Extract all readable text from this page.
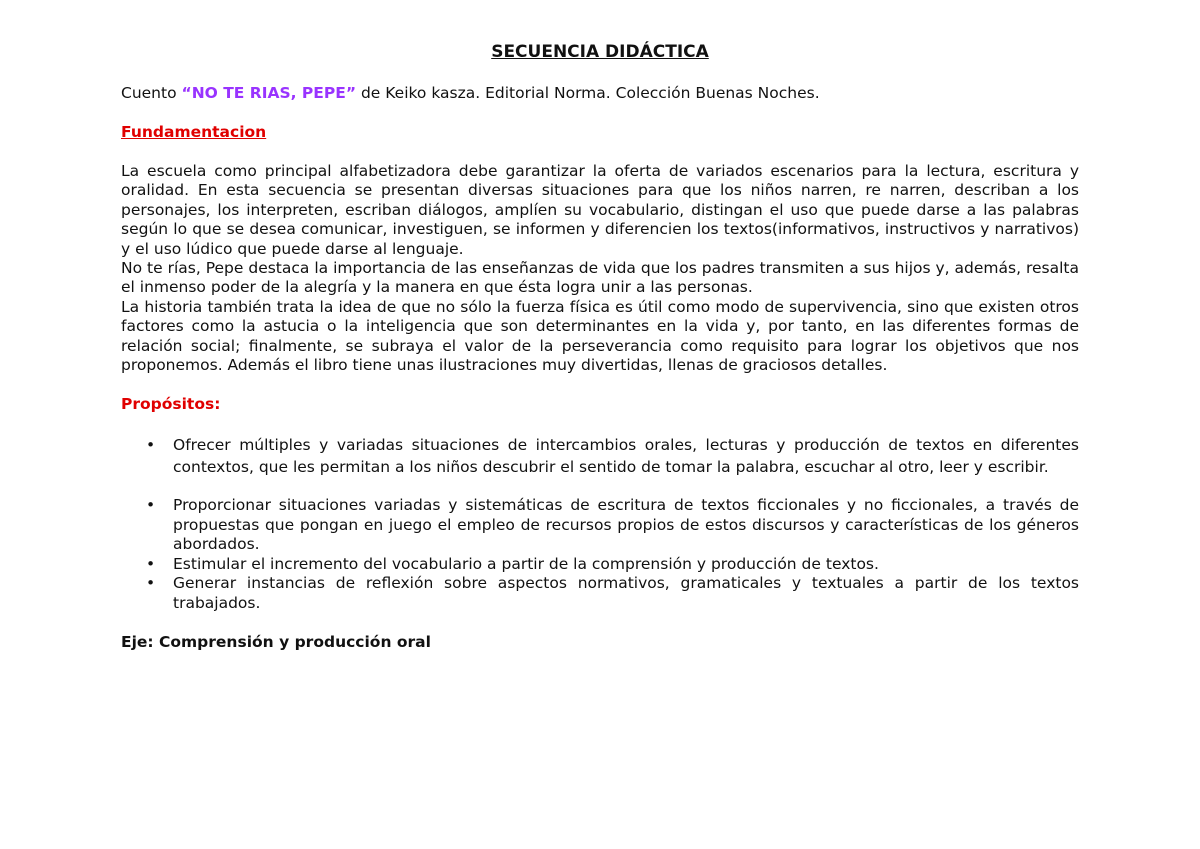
SECUENCIA DIDÁCTICA

Cuento “NO TE RIAS, PEPE” de Keiko kasza. Editorial Norma. Colección Buenas Noches.

Fundamentacion

La escuela como principal alfabetizadora debe garantizar la oferta de variados escenarios para la lectura, escritura y oralidad. En esta secuencia se presentan diversas situaciones para que los niños narren, re narren, describan a los personajes, los interpreten, escriban diálogos, amplíen su vocabulario, distingan el uso que puede darse a las palabras según lo que se desea comunicar, investiguen, se informen y diferencien los textos(informativos, instructivos y narrativos) y el uso lúdico que puede darse al lenguaje.

No te rías, Pepe destaca la importancia de las enseñanzas de vida que los padres transmiten a sus hijos y, además, resalta el inmenso poder de la alegría y la manera en que ésta logra unir a las personas.

La historia también trata la idea de que no sólo la fuerza física es útil como modo de supervivencia, sino que existen otros factores como la astucia o la inteligencia que son determinantes en la vida y, por tanto, en las diferentes formas de relación social; finalmente, se subraya el valor de la perseverancia como requisito para lograr los objetivos que nos proponemos. Además el libro tiene unas ilustraciones muy divertidas, llenas de graciosos detalles.

Propósitos:
• Ofrecer múltiples y variadas situaciones de intercambios orales, lecturas y producción de textos en diferentes contextos, que les permitan a los niños descubrir el sentido de tomar la palabra, escuchar al otro, leer y escribir.
• Proporcionar situaciones variadas y sistemáticas de escritura de textos ficcionales y no ficcionales, a través de propuestas que pongan en juego el empleo de recursos propios de estos discursos y características de los géneros abordados.
• Estimular el incremento del vocabulario a partir de la comprensión y producción de textos.
• Generar instancias de reflexión sobre aspectos normativos, gramaticales y textuales a partir de los textos trabajados.

Eje: Comprensión y producción oral
